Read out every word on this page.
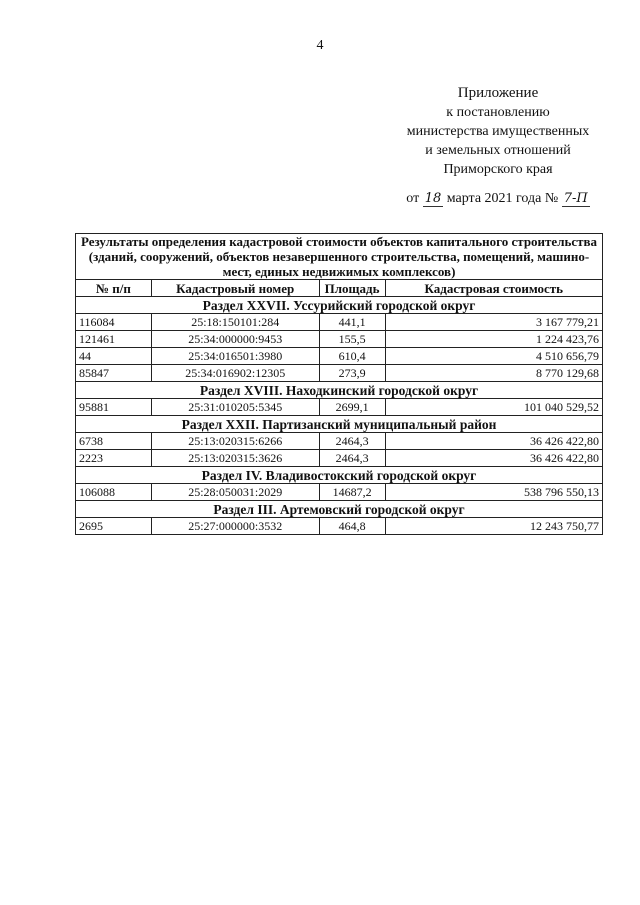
4
Приложение
к постановлению
министерства имущественных
и земельных отношений
Приморского края
от 18 марта 2021 года № 7-П
Результаты определения кадастровой стоимости объектов капитального строительства (зданий, сооружений, объектов незавершенного строительства, помещений, машино-мест, единых недвижимых комплексов)			
№ п/п	Кадастровый номер	Площадь	Кадастровая стоимость
Раздел XXVII. Уссурийский городской округ			
116084	25:18:150101:284	441,1	3 167 779,21
121461	25:34:000000:9453	155,5	1 224 423,76
44	25:34:016501:3980	610,4	4 510 656,79
85847	25:34:016902:12305	273,9	8 770 129,68
Раздел XVIII. Находкинский городской округ			
95881	25:31:010205:5345	2699,1	101 040 529,52
Раздел XXII. Партизанский муниципальный район			
6738	25:13:020315:6266	2464,3	36 426 422,80
2223	25:13:020315:3626	2464,3	36 426 422,80
Раздел IV. Владивостокский городской округ			
106088	25:28:050031:2029	14687,2	538 796 550,13
Раздел III. Артемовский городской округ			
2695	25:27:000000:3532	464,8	12 243 750,77
